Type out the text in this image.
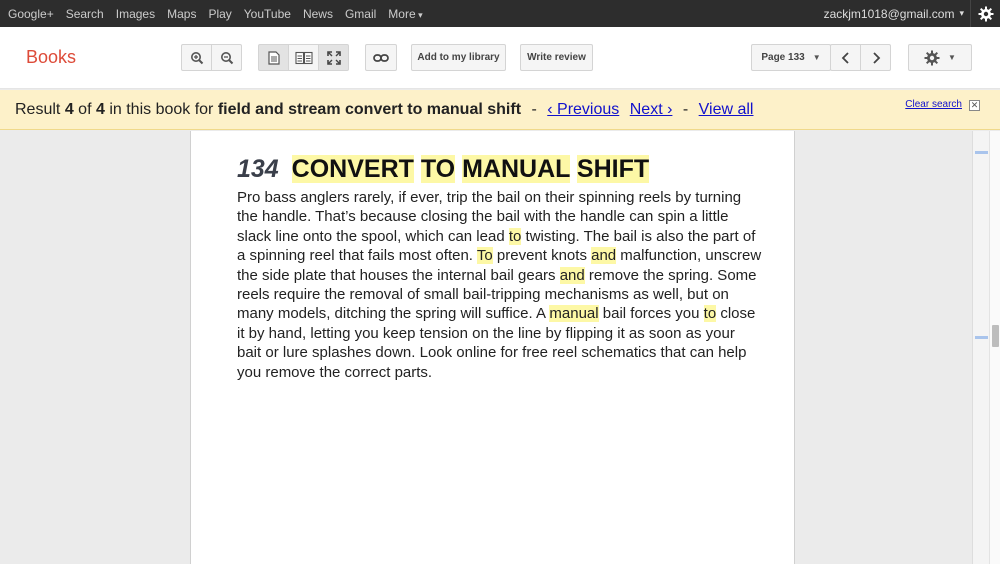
Google+ Search Images Maps Play YouTube News Gmail More ▾	zackjm1018@gmail.com ▾
Books	Add to my library	Write review	Page 133 ▼	▼
Result 4 of 4 in this book for field and stream convert to manual shift - ‹ Previous Next › - View all	Clear search ✕
134 CONVERT TO MANUAL SHIFT

Pro bass anglers rarely, if ever, trip the bail on their spinning reels by turning the handle. That’s because closing the bail with the handle can spin a little slack line onto the spool, which can lead to twisting. The bail is also the part of a spinning reel that fails most often. To prevent knots and malfunction, unscrew the side plate that houses the internal bail gears and remove the spring. Some reels require the removal of small bail-tripping mechanisms as well, but on many models, ditching the spring will suffice. A manual bail forces you to close it by hand, letting you keep tension on the line by flipping it as soon as your bait or lure splashes down. Look online for free reel schematics that can help you remove the correct parts.
